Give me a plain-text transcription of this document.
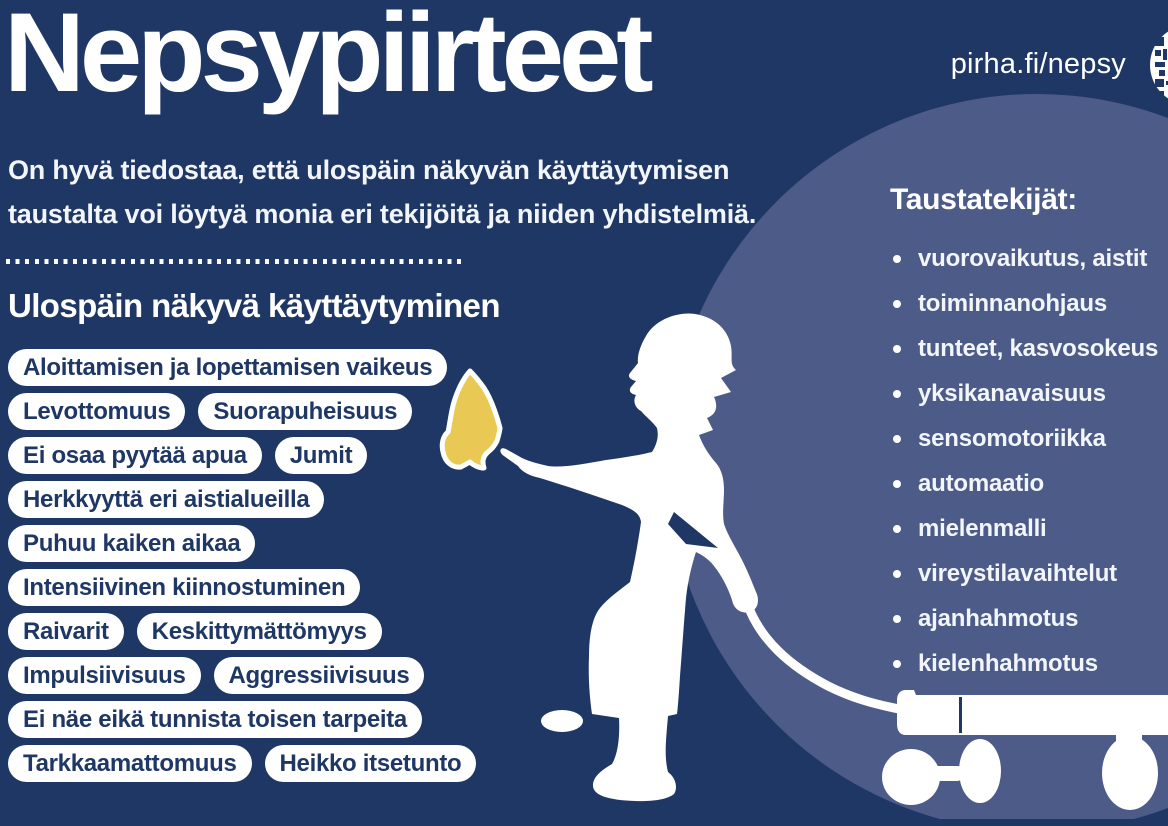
Nepsypiirteet	pirha.fi/nepsy
On hyvä tiedostaa, että ulospäin näkyvän käyttäytymisen
taustalta voi löytyä monia eri tekijöitä ja niiden yhdistelmiä.
Ulospäin näkyvä käyttäytyminen
Aloittamisen ja lopettamisen vaikeus
Levottomuus	Suorapuheisuus
Ei osaa pyytää apua	Jumit
Herkkyyttä eri aistialueilla
Puhuu kaiken aikaa
Intensiivinen kiinnostuminen
Raivarit	Keskittymättömyys
Impulsiivisuus	Aggressiivisuus
Ei näe eikä tunnista toisen tarpeita
Tarkkaamattomuus	Heikko itsetunto
Taustatekijät:
vuorovaikutus, aistit
toiminnanohjaus
tunteet, kasvosokeus
yksikanavaisuus
sensomotoriikka
automaatio
mielenmalli
vireystilavaihtelut
ajanhahmotus
kielenhahmotus
